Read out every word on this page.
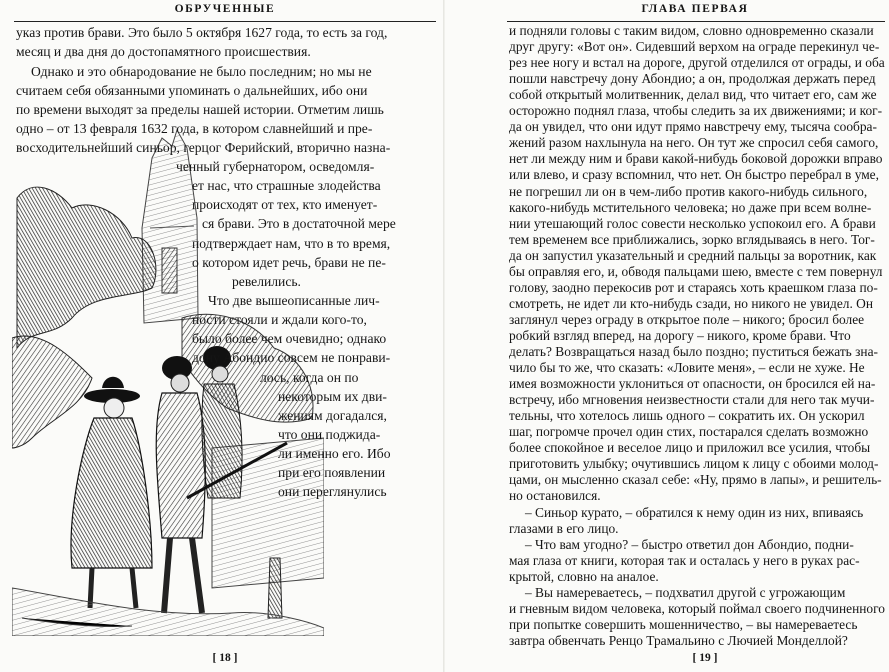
ОБРУЧЕННЫЕ
указ против брави. Это было 5 октября 1627 года, то есть за год,
месяц и два дня до достопамятного происшествия.
Однако и это обнародование не было последним; но мы не
считаем себя обязанными упоминать о дальнейших, ибо они
по времени выходят за пределы нашей истории. Отметим лишь
одно – от 13 февраля 1632 года, в котором славнейший и пре-
восходительнейший синьор, герцог Ферийский, вторично назна-
ченный губернатором, осведомля-
ет нас, что страшные злодейства
происходят от тех, кто именует-
ся брави. Это в достаточной мере
подтверждает нам, что в то время,
о котором идет речь, брави не пе-
ревелились.
Что две вышеописанные лич-
ности стояли и ждали кого-то,
было более чем очевидно; однако
дону Абондио совсем не понрави-
лось, когда он по
некоторым их дви-
жениям догадался,
что они поджида-
ли именно его. Ибо
при его появлении
они переглянулись
[ 18 ]
ГЛАВА ПЕРВАЯ
и подняли головы с таким видом, словно одновременно сказали
друг другу: «Вот он». Сидевший верхом на ограде перекинул че-
рез нее ногу и встал на дороге, другой отделился от ограды, и оба
пошли навстречу дону Абондио; а он, продолжая держать перед
собой открытый молитвенник, делал вид, что читает его, сам же
осторожно поднял глаза, чтобы следить за их движениями; и ког-
да он увидел, что они идут прямо навстречу ему, тысяча сообра-
жений разом нахлынула на него. Он тут же спросил себя самого,
нет ли между ним и брави какой-нибудь боковой дорожки вправо
или влево, и сразу вспомнил, что нет. Он быстро перебрал в уме,
не погрешил ли он в чем-либо против какого-нибудь сильного,
какого-нибудь мстительного человека; но даже при всем волне-
нии утешающий голос совести несколько успокоил его. А брави
тем временем все приближались, зорко вглядываясь в него. Тог-
да он запустил указательный и средний пальцы за воротник, как
бы оправляя его, и, обводя пальцами шею, вместе с тем повернул
голову, заодно перекосив рот и стараясь хоть краешком глаза по-
смотреть, не идет ли кто-нибудь сзади, но никого не увидел. Он
заглянул через ограду в открытое поле – никого; бросил более
робкий взгляд вперед, на дорогу – никого, кроме брави. Что
делать? Возвращаться назад было поздно; пуститься бежать зна-
чило бы то же, что сказать: «Ловите меня», – если не хуже. Не
имея возможности уклониться от опасности, он бросился ей на-
встречу, ибо мгновения неизвестности стали для него так мучи-
тельны, что хотелось лишь одного – сократить их. Он ускорил
шаг, погромче прочел один стих, постарался сделать возможно
более спокойное и веселое лицо и приложил все усилия, чтобы
приготовить улыбку; очутившись лицом к лицу с обоими молод-
цами, он мысленно сказал себе: «Ну, прямо в лапы», и решитель-
но остановился.
– Синьор курато, – обратился к нему один из них, впиваясь
глазами в его лицо.
– Что вам угодно? – быстро ответил дон Абондио, подни-
мая глаза от книги, которая так и осталась у него в руках рас-
крытой, словно на аналое.
– Вы намереваетесь, – подхватил другой с угрожающим
и гневным видом человека, который поймал своего подчиненного
при попытке совершить мошенничество, – вы намереваетесь
завтра обвенчать Ренцо Трамальино с Лючией Монделлой?
[ 19 ]
